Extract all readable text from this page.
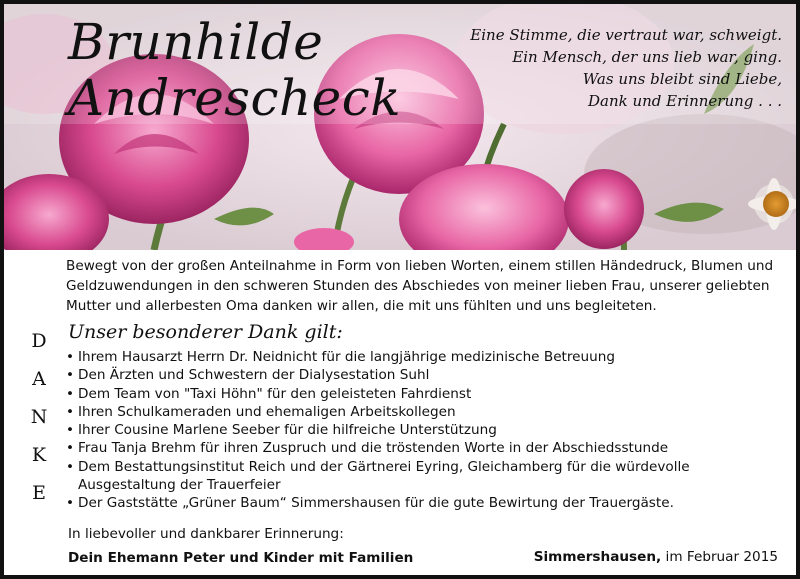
Brunhilde
Andrescheck
Eine Stimme, die vertraut war, schweigt.
Ein Mensch, der uns lieb war, ging.
Was uns bleibt sind Liebe,
Dank und Erinnerung . . .
Bewegt von der großen Anteilnahme in Form von lieben Worten, einem stillen Händedruck, Blumen und Geldzuwendungen in den schweren Stunden des Abschiedes von meiner lieben Frau, unserer geliebten Mutter und allerbesten Oma danken wir allen, die mit uns fühlten und uns begleiteten.
D
A
N
K
E
Unser besonderer Dank gilt:
• Ihrem Hausarzt Herrn Dr. Neidnicht für die langjährige medizinische Betreuung
• Den Ärzten und Schwestern der Dialysestation Suhl
• Dem Team von "Taxi Höhn" für den geleisteten Fahrdienst
• Ihren Schulkameraden und ehemaligen Arbeitskollegen
• Ihrer Cousine Marlene Seeber für die hilfreiche Unterstützung
• Frau Tanja Brehm für ihren Zuspruch und die tröstenden Worte in der Abschiedsstunde
• Dem Bestattungsinstitut Reich und der Gärtnerei Eyring, Gleichamberg für die würdevolle Ausgestaltung der Trauerfeier
• Der Gaststätte „Grüner Baum“ Simmershausen für die gute Bewirtung der Trauergäste.
In liebevoller und dankbarer Erinnerung:
Dein Ehemann Peter und Kinder mit Familien	Simmershausen, im Februar 2015
